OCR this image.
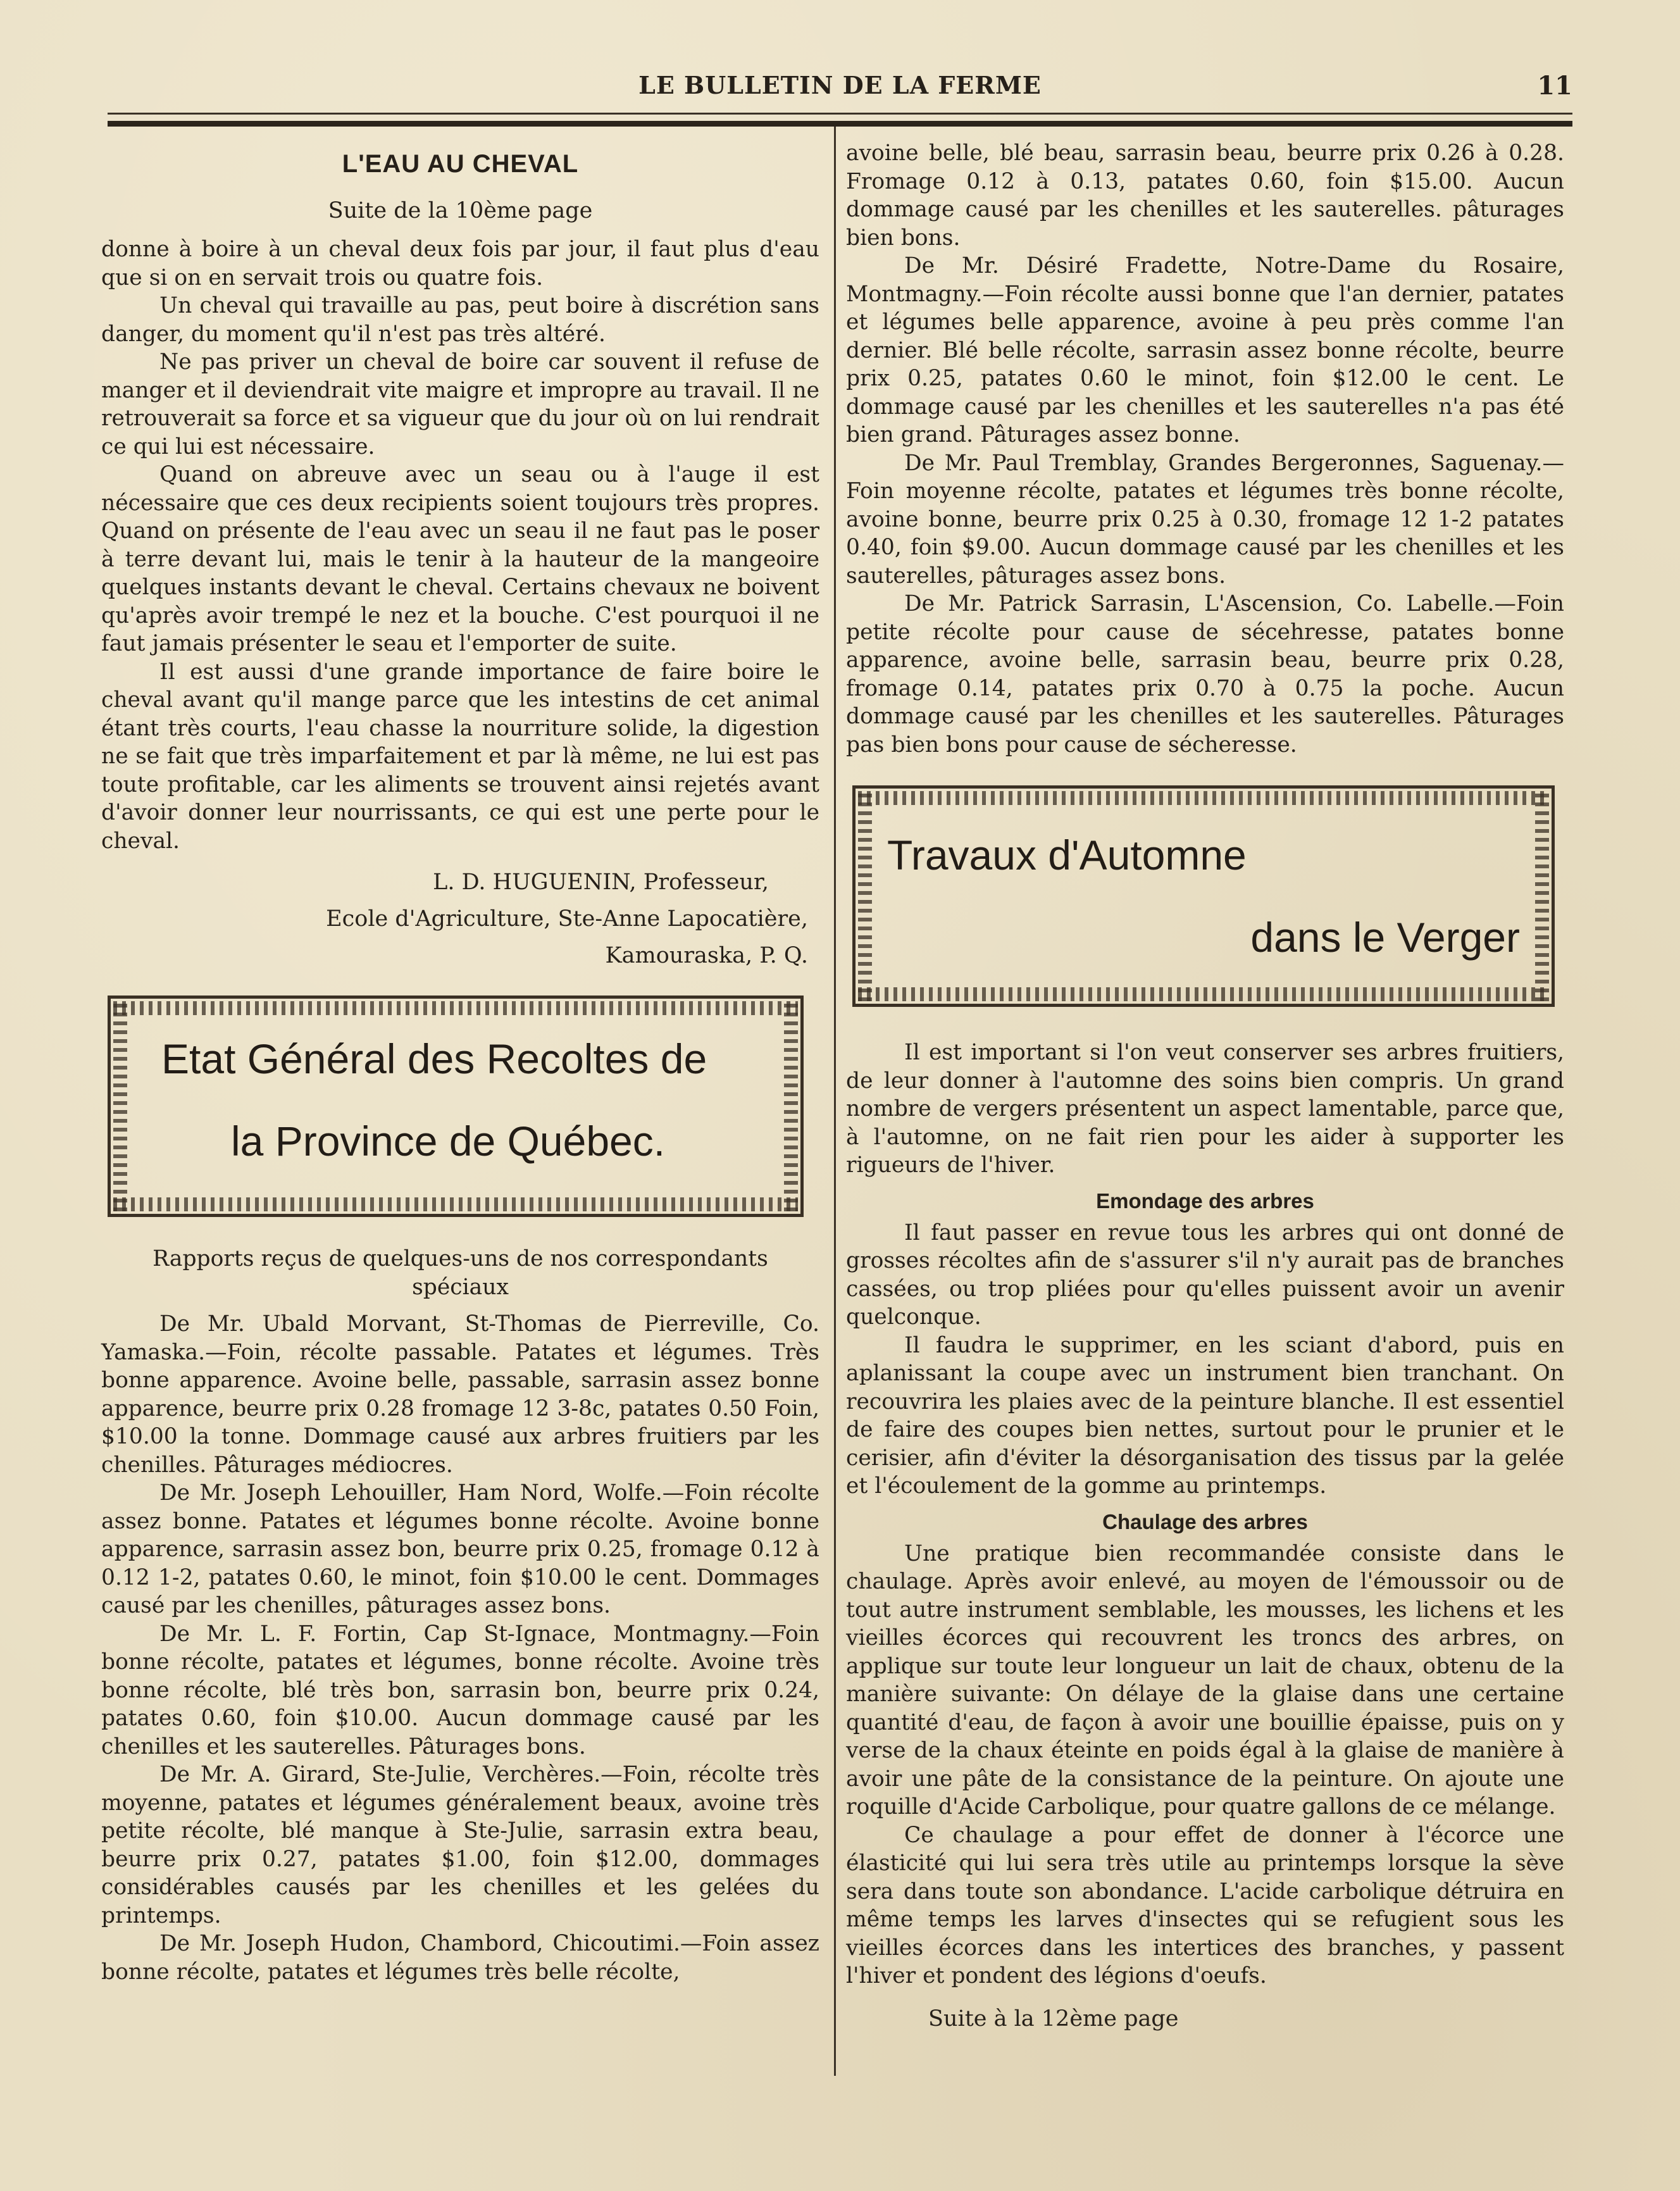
LE BULLETIN DE LA FERME	11
L'EAU AU CHEVAL
Suite de la 10ème page

donne à boire à un cheval deux fois par jour, il faut plus d'eau que si on en servait trois ou quatre fois.

Un cheval qui travaille au pas, peut boire à discrétion sans danger, du moment qu'il n'est pas très altéré.

Ne pas priver un cheval de boire car souvent il refuse de manger et il deviendrait vite maigre et impropre au travail. Il ne retrouverait sa force et sa vigueur que du jour où on lui rendrait ce qui lui est nécessaire.

Quand on abreuve avec un seau ou à l'auge il est nécessaire que ces deux recipients soient toujours très propres. Quand on présente de l'eau avec un seau il ne faut pas le poser à terre devant lui, mais le tenir à la hauteur de la mangeoire quelques instants devant le cheval. Certains chevaux ne boivent qu'après avoir trempé le nez et la bouche. C'est pourquoi il ne faut jamais présenter le seau et l'emporter de suite.

Il est aussi d'une grande importance de faire boire le cheval avant qu'il mange parce que les intestins de cet animal étant très courts, l'eau chasse la nourriture solide, la digestion ne se fait que très imparfaitement et par là même, ne lui est pas toute profitable, car les aliments se trouvent ainsi rejetés avant d'avoir donner leur nourrissants, ce qui est une perte pour le cheval.

L. D. HUGUENIN, Professeur,
Ecole d'Agriculture, Ste-Anne Lapocatière,
Kamouraska, P. Q.
Etat Général des Recoltes de
la Province de Québec.

Rapports reçus de quelques-uns de nos correspondants spéciaux

De Mr. Ubald Morvant, St-Thomas de Pierreville, Co. Yamaska.—Foin, récolte passable. Patates et légumes. Très bonne apparence. Avoine belle, passable, sarrasin assez bonne apparence, beurre prix 0.28 fromage 12 3-8c, patates 0.50 Foin, $10.00 la tonne. Dommage causé aux arbres fruitiers par les chenilles. Pâturages médiocres.

De Mr. Joseph Lehouiller, Ham Nord, Wolfe.—Foin récolte assez bonne. Patates et légumes bonne récolte. Avoine bonne apparence, sarrasin assez bon, beurre prix 0.25, fromage 0.12 à 0.12 1-2, patates 0.60, le minot, foin $10.00 le cent. Dommages causé par les chenilles, pâturages assez bons.

De Mr. L. F. Fortin, Cap St-Ignace, Montmagny.—Foin bonne récolte, patates et légumes, bonne récolte. Avoine très bonne récolte, blé très bon, sarrasin bon, beurre prix 0.24, patates 0.60, foin $10.00. Aucun dommage causé par les chenilles et les sauterelles. Pâturages bons.

De Mr. A. Girard, Ste-Julie, Verchères.—Foin, récolte très moyenne, patates et légumes généralement beaux, avoine très petite récolte, blé manque à Ste-Julie, sarrasin extra beau, beurre prix 0.27, patates $1.00, foin $12.00, dommages considérables causés par les chenilles et les gelées du printemps.

De Mr. Joseph Hudon, Chambord, Chicoutimi.—Foin assez bonne récolte, patates et légumes très belle récolte,

avoine belle, blé beau, sarrasin beau, beurre prix 0.26 à 0.28. Fromage 0.12 à 0.13, patates 0.60, foin $15.00. Aucun dommage causé par les chenilles et les sauterelles. pâturages bien bons.

De Mr. Désiré Fradette, Notre-Dame du Rosaire, Montmagny.—Foin récolte aussi bonne que l'an dernier, patates et légumes belle apparence, avoine à peu près comme l'an dernier. Blé belle récolte, sarrasin assez bonne récolte, beurre prix 0.25, patates 0.60 le minot, foin $12.00 le cent. Le dommage causé par les chenilles et les sauterelles n'a pas été bien grand. Pâturages assez bonne.

De Mr. Paul Tremblay, Grandes Bergeronnes, Saguenay.—Foin moyenne récolte, patates et légumes très bonne récolte, avoine bonne, beurre prix 0.25 à 0.30, fromage 12 1-2 patates 0.40, foin $9.00. Aucun dommage causé par les chenilles et les sauterelles, pâturages assez bons.

De Mr. Patrick Sarrasin, L'Ascension, Co. Labelle.—Foin petite récolte pour cause de sécehresse, patates bonne apparence, avoine belle, sarrasin beau, beurre prix 0.28, fromage 0.14, patates prix 0.70 à 0.75 la poche. Aucun dommage causé par les chenilles et les sauterelles. Pâturages pas bien bons pour cause de sécheresse.

Travaux d'Automne
dans le Verger

Il est important si l'on veut conserver ses arbres fruitiers, de leur donner à l'automne des soins bien compris. Un grand nombre de vergers présentent un aspect lamentable, parce que, à l'automne, on ne fait rien pour les aider à supporter les rigueurs de l'hiver.

Emondage des arbres

Il faut passer en revue tous les arbres qui ont donné de grosses récoltes afin de s'assurer s'il n'y aurait pas de branches cassées, ou trop pliées pour qu'elles puissent avoir un avenir quelconque.

Il faudra le supprimer, en les sciant d'abord, puis en aplanissant la coupe avec un instrument bien tranchant. On recouvrira les plaies avec de la peinture blanche. Il est essentiel de faire des coupes bien nettes, surtout pour le prunier et le cerisier, afin d'éviter la désorganisation des tissus par la gelée et l'écoulement de la gomme au printemps.

Chaulage des arbres

Une pratique bien recommandée consiste dans le chaulage. Après avoir enlevé, au moyen de l'émoussoir ou de tout autre instrument semblable, les mousses, les lichens et les vieilles écorces qui recouvrent les troncs des arbres, on applique sur toute leur longueur un lait de chaux, obtenu de la manière suivante: On délaye de la glaise dans une certaine quantité d'eau, de façon à avoir une bouillie épaisse, puis on y verse de la chaux éteinte en poids égal à la glaise de manière à avoir une pâte de la consistance de la peinture. On ajoute une roquille d'Acide Carbolique, pour quatre gallons de ce mélange.

Ce chaulage a pour effet de donner à l'écorce une élasticité qui lui sera très utile au printemps lorsque la sève sera dans toute son abondance. L'acide carbolique détruira en même temps les larves d'insectes qui se refugient sous les vieilles écorces dans les intertices des branches, y passent l'hiver et pondent des légions d'oeufs.

Suite à la 12ème page
